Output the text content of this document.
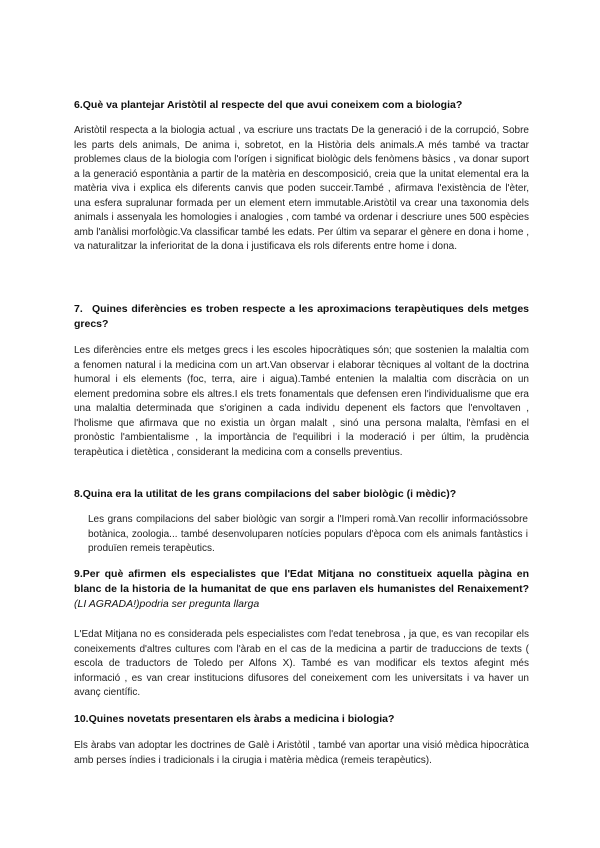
6.Què va plantejar Aristòtil al respecte del que avui coneixem com a biologia?

Aristòtil respecta a la biologia actual , va escriure uns tractats De la generació i de la corrupció, Sobre les parts dels animals, De anima i, sobretot, en la Història dels animals.A més també va tractar problemes claus de la biologia com l'orígen i significat biològic dels fenòmens bàsics , va donar suport a la generació espontània a partir de la matèria en descomposició, creia que la unitat elemental era la matèria viva i explica els diferents canvis que poden succeir.També , afirmava l'existència de l'èter, una esfera supralunar formada per un element etern immutable.Aristòtil va crear una taxonomia dels animals i assenyala les homologies i analogies , com també va ordenar i descriure unes 500 espècies amb l'anàlisi morfològic.Va classificar també les edats. Per últim va separar el gènere en dona i home , va naturalitzar la inferioritat de la dona i justificava els rols diferents entre home i dona.

7. Quines diferències es troben respecte a les aproximacions terapèutiques dels metges grecs?

Les diferències entre els metges grecs i les escoles hipocràtiques són; que sostenien la malaltia com a fenomen natural i la medicina com un art.Van observar i elaborar tècniques al voltant de la doctrina humoral i els elements (foc, terra, aire i aigua).També entenien la malaltia com discràcia on un element predomina sobre els altres.I els trets fonamentals que defensen eren l'individualisme que era una malaltia determinada que s'originen a cada individu depenent els factors que l'envoltaven , l'holisme que afirmava que no existia un òrgan malalt , sinó una persona malalta, l'èmfasi en el pronòstic l'ambientalisme , la importància de l'equilibri i la moderació i per últim, la prudència terapèutica i dietètica , considerant la medicina com a consells preventius.

8.Quina era la utilitat de les grans compilacions del saber biològic (i mèdic)?

Les grans compilacions del saber biològic van sorgir a l'Imperi romà.Van recollir informacióssobre botànica, zoologia... també desenvoluparen notícies populars d'època com els animals fantàstics i produïen remeis terapèutics.

9.Per què afirmen els especialistes que l'Edat Mitjana no constitueix aquella pàgina en blanc de la historia de la humanitat de que ens parlaven els humanistes del Renaixement?(LI AGRADA!)podria ser pregunta llarga

L'Edat Mitjana no es considerada pels especialistes com l'edat tenebrosa , ja que, es van recopilar els coneixements d'altres cultures com l'àrab en el cas de la medicina a partir de traduccions de texts ( escola de traductors de Toledo per Alfons X). També es van modificar els textos afegint més informació , es van crear institucions difusores del coneixement com les universitats i va haver un avanç científic.

10.Quines novetats presentaren els àrabs a medicina i biologia?

Els àrabs van adoptar les doctrines de Galè i Aristòtil , també van aportar una visió mèdica hipocràtica amb perses índies i tradicionals i la cirugia i matèria mèdica (remeis terapèutics).
